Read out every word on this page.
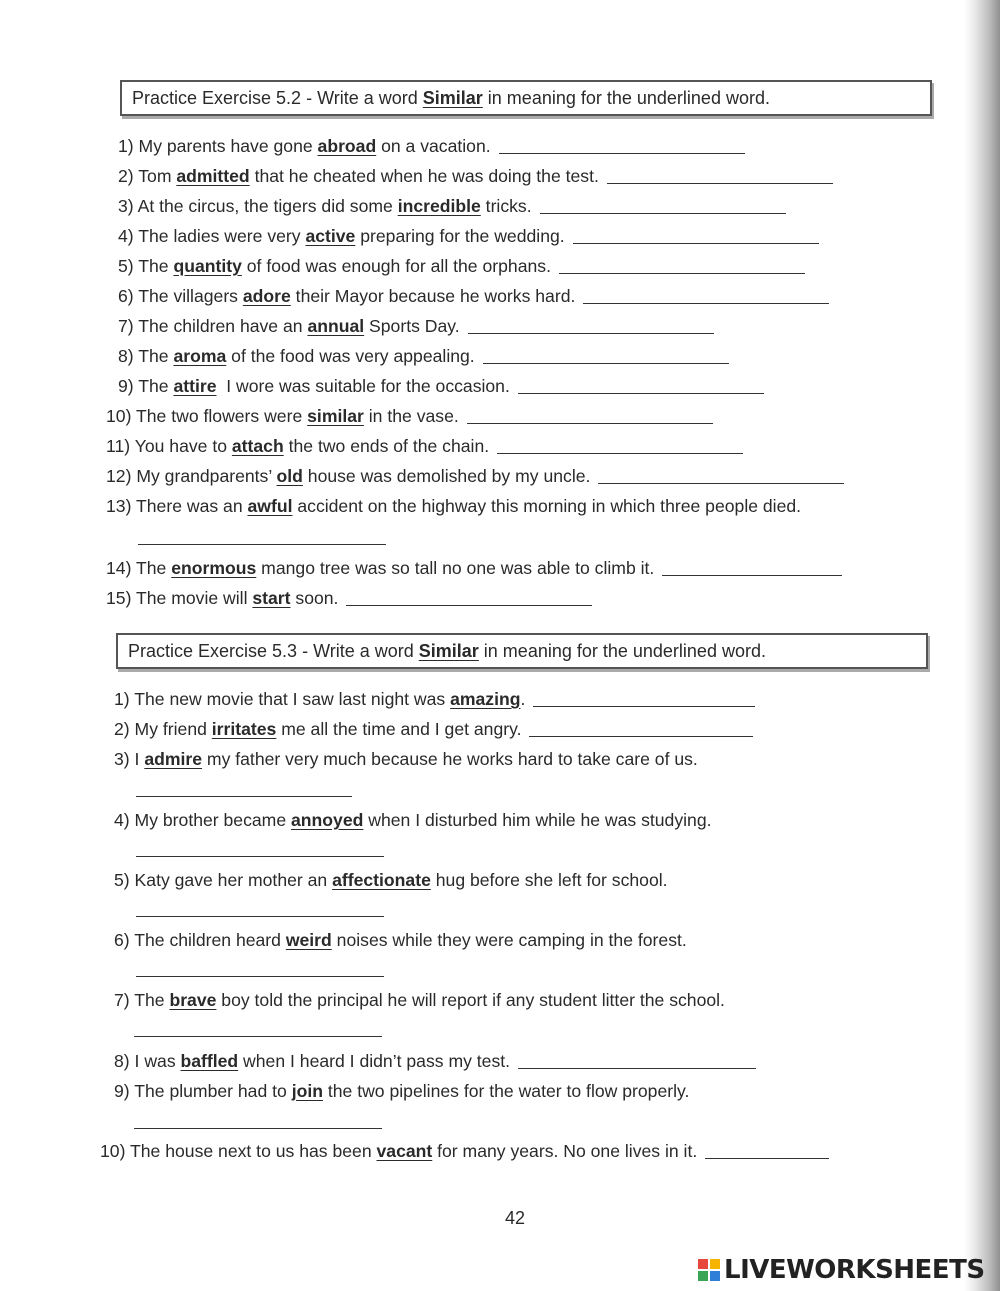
Practice Exercise 5.2 - Write a word Similar in meaning for the underlined word.
1) My parents have gone abroad on a vacation.
2) Tom admitted that he cheated when he was doing the test.
3) At the circus, the tigers did some incredible tricks.
4) The ladies were very active preparing for the wedding.
5) The quantity of food was enough for all the orphans.
6) The villagers adore their Mayor because he works hard.
7) The children have an annual Sports Day.
8) The aroma of the food was very appealing.
9) The attire  I wore was suitable for the occasion.
10) The two flowers were similar in the vase.
11) You have to attach the two ends of the chain.
12) My grandparents’ old house was demolished by my uncle.
13) There was an awful accident on the highway this morning in which three people died.
14) The enormous mango tree was so tall no one was able to climb it.
15) The movie will start soon.
Practice Exercise 5.3 - Write a word Similar in meaning for the underlined word.
1) The new movie that I saw last night was amazing.
2) My friend irritates me all the time and I get angry.
3) I admire my father very much because he works hard to take care of us.
4) My brother became annoyed when I disturbed him while he was studying.
5) Katy gave her mother an affectionate hug before she left for school.
6) The children heard weird noises while they were camping in the forest.
7) The brave boy told the principal he will report if any student litter the school.
8) I was baffled when I heard I didn’t pass my test.
9) The plumber had to join the two pipelines for the water to flow properly.
10) The house next to us has been vacant for many years. No one lives in it.
42
LIVEWORKSHEETS
